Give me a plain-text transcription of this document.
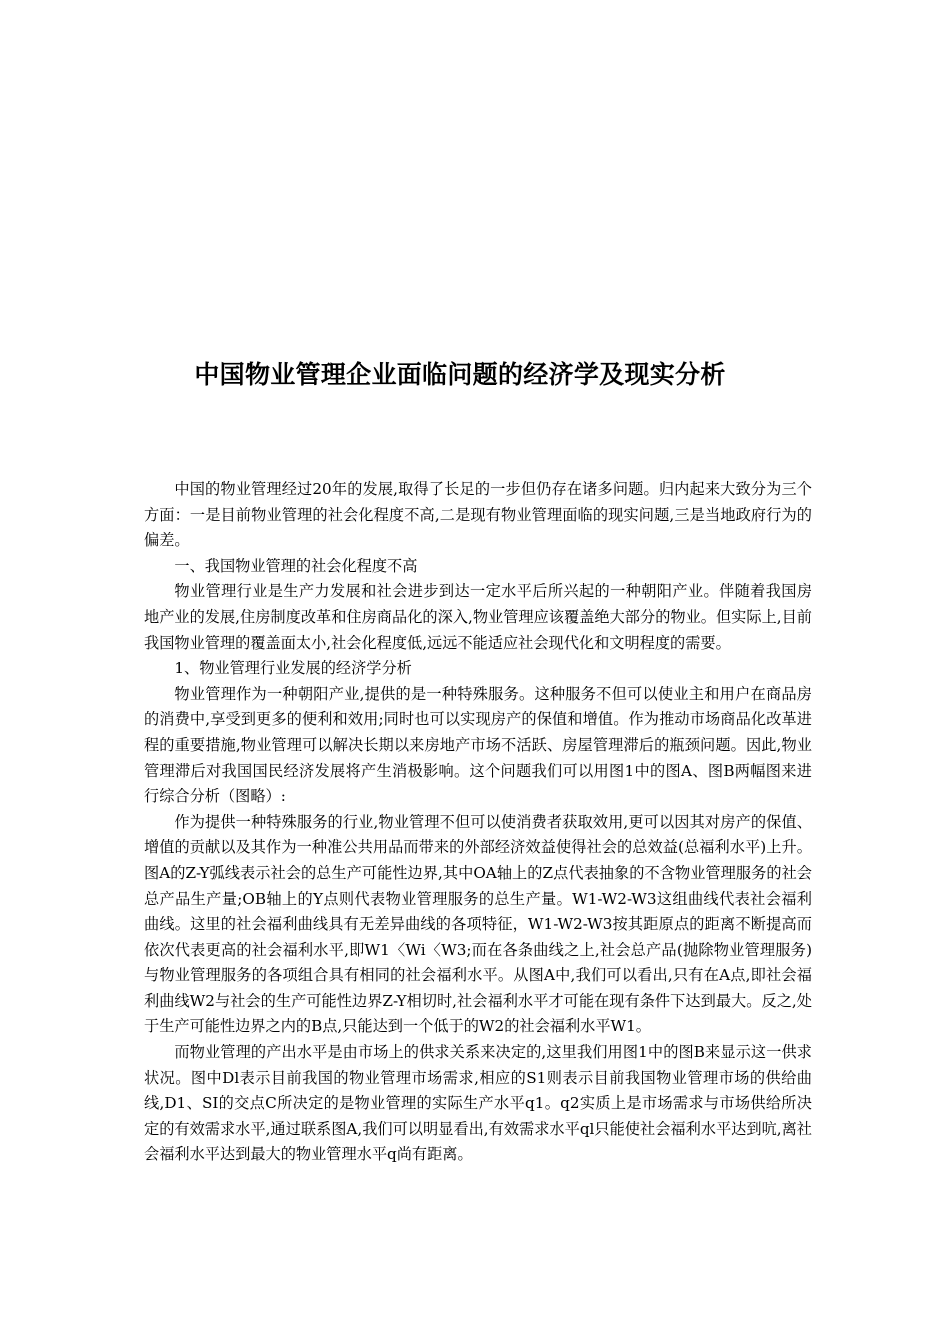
中国物业管理企业面临问题的经济学及现实分析

中国的物业管理经过20年的发展,取得了长足的一步但仍存在诸多问题。归内起来大致分为三个方面：一是目前物业管理的社会化程度不高,二是现有物业管理面临的现实问题,三是当地政府行为的偏差。

一、我国物业管理的社会化程度不高

物业管理行业是生产力发展和社会进步到达一定水平后所兴起的一种朝阳产业。伴随着我国房地产业的发展,住房制度改革和住房商品化的深入,物业管理应该覆盖绝大部分的物业。但实际上,目前我国物业管理的覆盖面太小,社会化程度低,远远不能适应社会现代化和文明程度的需要。

1、物业管理行业发展的经济学分析

物业管理作为一种朝阳产业,提供的是一种特殊服务。这种服务不但可以使业主和用户在商品房的消费中,享受到更多的便利和效用;同时也可以实现房产的保值和增值。作为推动市场商品化改革进程的重要措施,物业管理可以解决长期以来房地产市场不活跃、房屋管理滞后的瓶颈问题。因此,物业管理滞后对我国国民经济发展将产生消极影响。这个问题我们可以用图1中的图A、图B两幅图来进行综合分析（图略）:

作为提供一种特殊服务的行业,物业管理不但可以使消费者获取效用,更可以因其对房产的保值、增值的贡献以及其作为一种准公共用品而带来的外部经济效益使得社会的总效益(总福利水平)上升。图A的Z-Y弧线表示社会的总生产可能性边界,其中OA轴上的Z点代表抽象的不含物业管理服务的社会总产品生产量;OB轴上的Y点则代表物业管理服务的总生产量。W1-W2-W3这组曲线代表社会福利曲线。这里的社会福利曲线具有无差异曲线的各项特征，W1-W2-W3按其距原点的距离不断提高而依次代表更高的社会福利水平,即W1〈Wi〈W3;而在各条曲线之上,社会总产品(抛除物业管理服务)与物业管理服务的各项组合具有相同的社会福利水平。从图A中,我们可以看出,只有在A点,即社会福利曲线W2与社会的生产可能性边界Z-Y相切时,社会福利水平才可能在现有条件下达到最大。反之,处于生产可能性边界之内的B点,只能达到一个低于的W2的社会福利水平W1。

而物业管理的产出水平是由市场上的供求关系来决定的,这里我们用图1中的图B来显示这一供求状况。图中Dl表示目前我国的物业管理市场需求,相应的S1则表示目前我国物业管理市场的供给曲线,D1、SI的交点C所决定的是物业管理的实际生产水平q1。q2实质上是市场需求与市场供给所决定的有效需求水平,通过联系图A,我们可以明显看出,有效需求水平ql只能使社会福利水平达到吭,离社会福利水平达到最大的物业管理水平q尚有距离。
